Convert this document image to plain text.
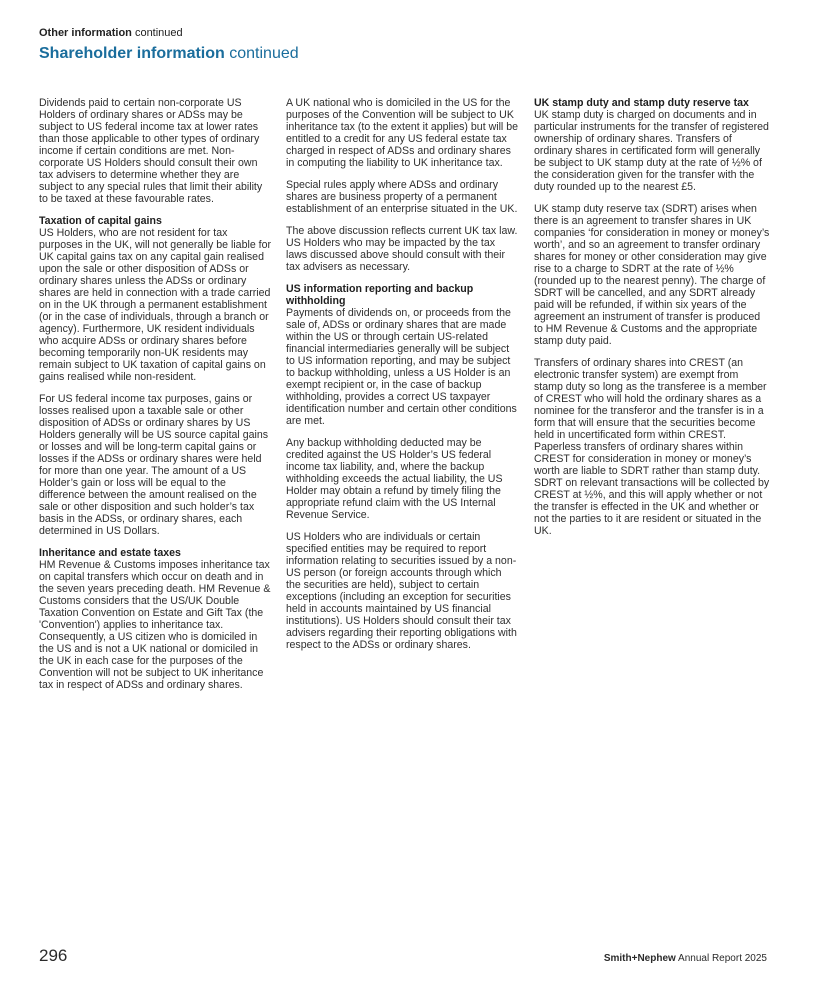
Other information continued
Shareholder information continued

Dividends paid to certain non-corporate US Holders of ordinary shares or ADSs may be subject to US federal income tax at lower rates than those applicable to other types of ordinary income if certain conditions are met. Non-corporate US Holders should consult their own tax advisers to determine whether they are subject to any special rules that limit their ability to be taxed at these favourable rates.

Taxation of capital gains

US Holders, who are not resident for tax purposes in the UK, will not generally be liable for UK capital gains tax on any capital gain realised upon the sale or other disposition of ADSs or ordinary shares unless the ADSs or ordinary shares are held in connection with a trade carried on in the UK through a permanent establishment (or in the case of individuals, through a branch or agency). Furthermore, UK resident individuals who acquire ADSs or ordinary shares before becoming temporarily non-UK residents may remain subject to UK taxation of capital gains on gains realised while non-resident.

For US federal income tax purposes, gains or losses realised upon a taxable sale or other disposition of ADSs or ordinary shares by US Holders generally will be US source capital gains or losses and will be long-term capital gains or losses if the ADSs or ordinary shares were held for more than one year. The amount of a US Holder’s gain or loss will be equal to the difference between the amount realised on the sale or other disposition and such holder’s tax basis in the ADSs, or ordinary shares, each determined in US Dollars.

Inheritance and estate taxes

HM Revenue & Customs imposes inheritance tax on capital transfers which occur on death and in the seven years preceding death. HM Revenue & Customs considers that the US/UK Double Taxation Convention on Estate and Gift Tax (the 'Convention') applies to inheritance tax. Consequently, a US citizen who is domiciled in the US and is not a UK national or domiciled in the UK in each case for the purposes of the Convention will not be subject to UK inheritance tax in respect of ADSs and ordinary shares.

A UK national who is domiciled in the US for the purposes of the Convention will be subject to UK inheritance tax (to the extent it applies) but will be entitled to a credit for any US federal estate tax charged in respect of ADSs and ordinary shares in computing the liability to UK inheritance tax.

Special rules apply where ADSs and ordinary shares are business property of a permanent establishment of an enterprise situated in the UK.

The above discussion reflects current UK tax law. US Holders who may be impacted by the tax laws discussed above should consult with their tax advisers as necessary.

US information reporting and backup withholding

Payments of dividends on, or proceeds from the sale of, ADSs or ordinary shares that are made within the US or through certain US-related financial intermediaries generally will be subject to US information reporting, and may be subject to backup withholding, unless a US Holder is an exempt recipient or, in the case of backup withholding, provides a correct US taxpayer identification number and certain other conditions are met.

Any backup withholding deducted may be credited against the US Holder’s US federal income tax liability, and, where the backup withholding exceeds the actual liability, the US Holder may obtain a refund by timely filing the appropriate refund claim with the US Internal Revenue Service.

US Holders who are individuals or certain specified entities may be required to report information relating to securities issued by a non-US person (or foreign accounts through which the securities are held), subject to certain exceptions (including an exception for securities held in accounts maintained by US financial institutions). US Holders should consult their tax advisers regarding their reporting obligations with respect to the ADSs or ordinary shares.

UK stamp duty and stamp duty reserve tax

UK stamp duty is charged on documents and in particular instruments for the transfer of registered ownership of ordinary shares. Transfers of ordinary shares in certificated form will generally be subject to UK stamp duty at the rate of ½% of the consideration given for the transfer with the duty rounded up to the nearest £5.

UK stamp duty reserve tax (SDRT) arises when there is an agreement to transfer shares in UK companies ‘for consideration in money or money’s worth’, and so an agreement to transfer ordinary shares for money or other consideration may give rise to a charge to SDRT at the rate of ½% (rounded up to the nearest penny). The charge of SDRT will be cancelled, and any SDRT already paid will be refunded, if within six years of the agreement an instrument of transfer is produced to HM Revenue & Customs and the appropriate stamp duty paid.

Transfers of ordinary shares into CREST (an electronic transfer system) are exempt from stamp duty so long as the transferee is a member of CREST who will hold the ordinary shares as a nominee for the transferor and the transfer is in a form that will ensure that the securities become held in uncertificated form within CREST. Paperless transfers of ordinary shares within CREST for consideration in money or money’s worth are liable to SDRT rather than stamp duty. SDRT on relevant transactions will be collected by CREST at ½%, and this will apply whether or not the transfer is effected in the UK and whether or not the parties to it are resident or situated in the UK.

296	Smith+Nephew Annual Report 2025
